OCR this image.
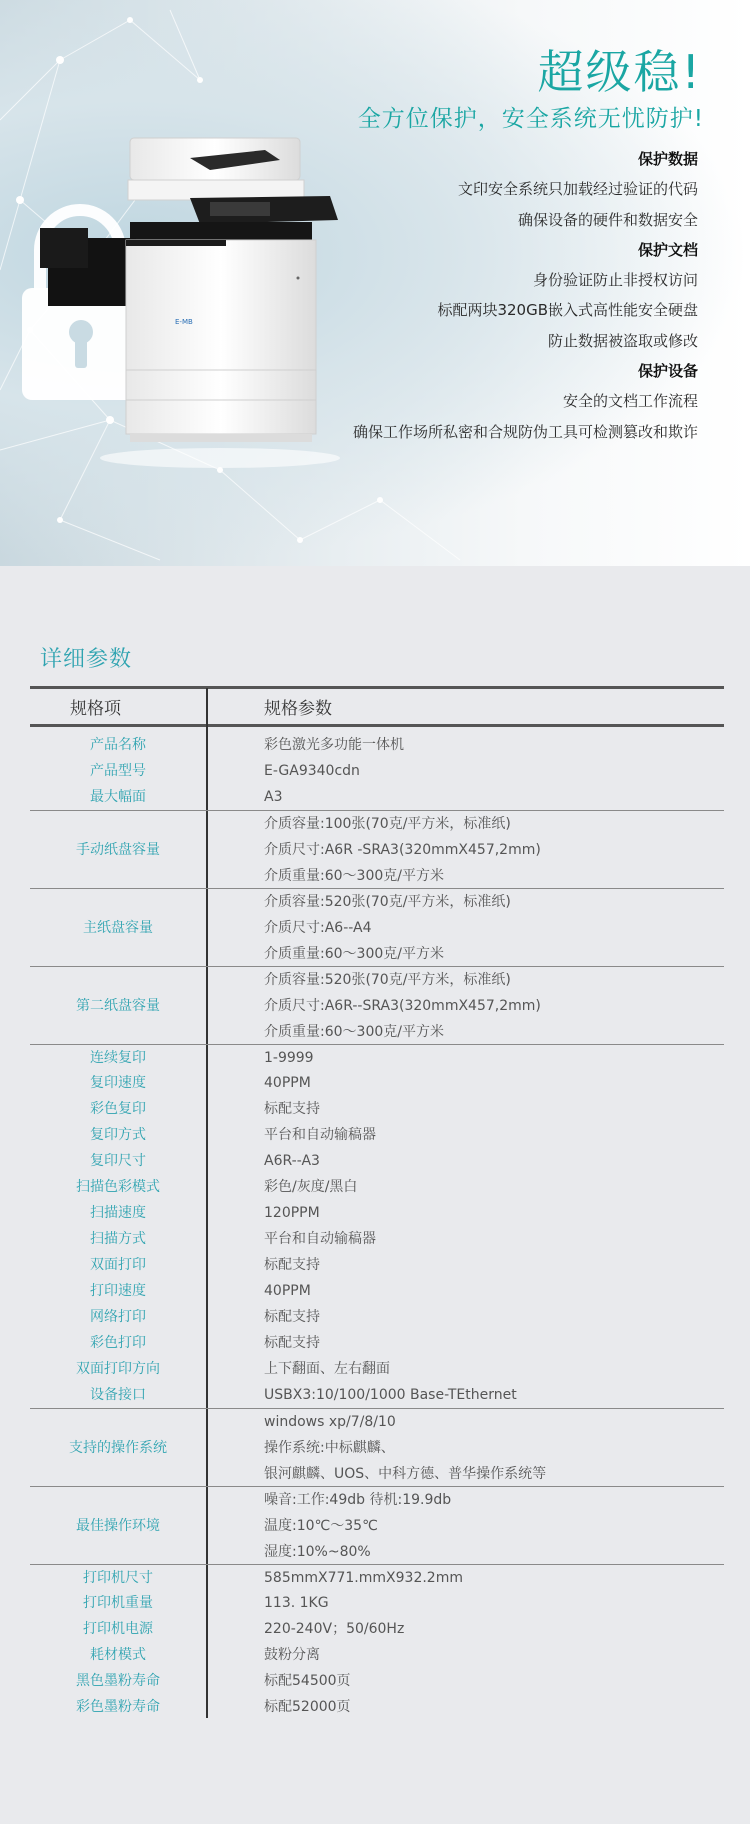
E-MB
超级稳!
全方位保护，安全系统无忧防护!
保护数据
文印安全系统只加载经过验证的代码
确保设备的硬件和数据安全
保护文档
身份验证防止非授权访问
标配两块320GB嵌入式高性能安全硬盘
防止数据被盗取或修改
保护设备
安全的文档工作流程
确保工作场所私密和合规防伪工具可检测篡改和欺诈
详细参数
规格项	规格参数
产品名称	彩色激光多功能一体机
产品型号	E-GA9340cdn
最大幅面	A3
手动纸盘容量
介质容量:100张(70克/平方米，标准纸)
介质尺寸:A6R -SRA3(320mmX457,2mm)
介质重量:60～300克/平方米
主纸盘容量
介质容量:520张(70克/平方米，标准纸)
介质尺寸:A6--A4
介质重量:60～300克/平方米
第二纸盘容量
介质容量:520张(70克/平方米，标准纸)
介质尺寸:A6R--SRA3(320mmX457,2mm)
介质重量:60～300克/平方米
连续复印	1-9999
复印速度	40PPM
彩色复印	标配支持
复印方式	平台和自动输稿器
复印尺寸	A6R--A3
扫描色彩模式	彩色/灰度/黑白
扫描速度	120PPM
扫描方式	平台和自动输稿器
双面打印	标配支持
打印速度	40PPM
网络打印	标配支持
彩色打印	标配支持
双面打印方向	上下翻面、左右翻面
设备接口	USBX3:10/100/1000 Base-TEthernet
支持的操作系统
windows xp/7/8/10
操作系统:中标麒麟、
银河麒麟、UOS、中科方德、普华操作系统等
最佳操作环境
噪音:工作:49db 待机:19.9db
温度:10℃～35℃
湿度:10%~80%
打印机尺寸	585mmX771.mmX932.2mm
打印机重量	113. 1KG
打印机电源	220-240V；50/60Hz
耗材模式	鼓粉分离
黑色墨粉寿命	标配54500页
彩色墨粉寿命	标配52000页
